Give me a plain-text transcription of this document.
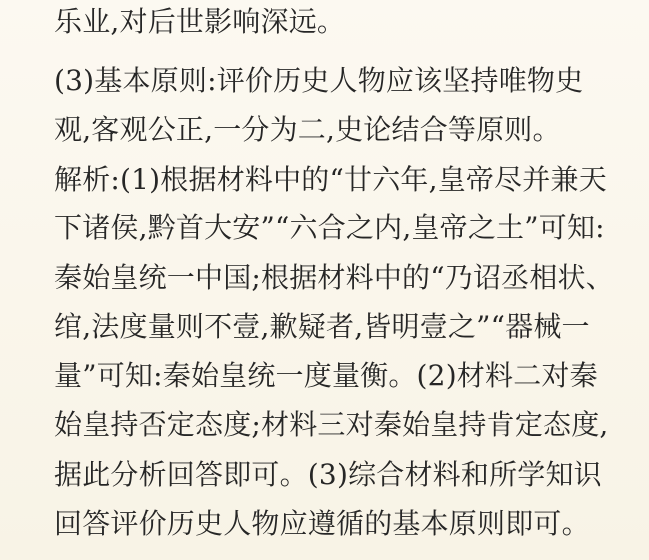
乐业,对后世影响深远。
(3)基本原则:评价历史人物应该坚持唯物史
观,客观公正,一分为二,史论结合等原则。
解析:(1)根据材料中的“廿六年,皇帝尽并兼天
下诸侯,黔首大安”“六合之内,皇帝之土”可知:
秦始皇统一中国;根据材料中的“乃诏丞相状、
绾,法度量则不壹,歉疑者,皆明壹之”“器械一
量”可知:秦始皇统一度量衡。(2)材料二对秦
始皇持否定态度;材料三对秦始皇持肯定态度,
据此分析回答即可。(3)综合材料和所学知识
回答评价历史人物应遵循的基本原则即可。
